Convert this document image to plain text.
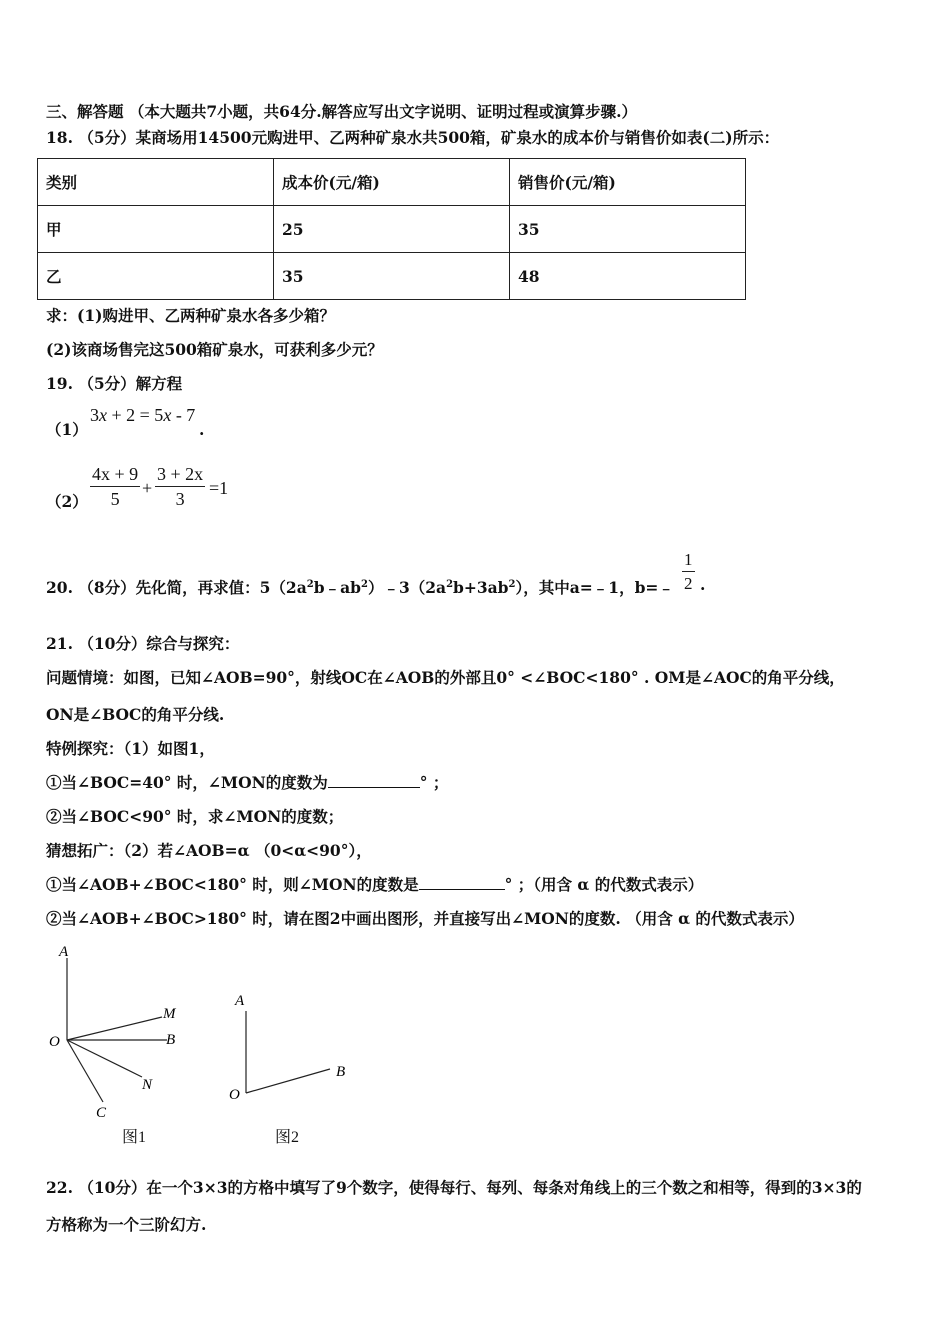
三、解答题 （本大题共7小题，共64分.解答应写出文字说明、证明过程或演算步骤.）
18. （5分）某商场用14500元购进甲、乙两种矿泉水共500箱，矿泉水的成本价与销售价如表(二)所示：
类别	成本价(元/箱)	销售价(元/箱)
甲	25	35
乙	35	48
求：(1)购进甲、乙两种矿泉水各多少箱？
(2)该商场售完这500箱矿泉水，可获利多少元？
19. （5分）解方程
（1）
3x + 2 = 5x - 7
.
$(2) \frac{4x + 9}{5} + \frac{3 + 2x}{3} =1$
20. （8分）先化简，再求值：$5(2a^2b﹣ab^2)﹣3(2a^2b+3ab^2)$，其中a=﹣1，b=﹣ $\frac{1}{2}$ .
21. （10分）综合与探究：
问题情境：如图，已知∠AOB=90°，射线OC在∠AOB的外部且0° <∠BOC<180° . OM是∠AOC的角平分线，
ON是∠BOC的角平分线.
特例探究：（1）如图1，
①当∠BOC=40° 时，∠MON的度数为	° ；
②当∠BOC<90° 时，求∠MON的度数；
猜想拓广：（2）若∠AOB=α （0<α<90°），
①当∠AOB+∠BOC<180° 时，则∠MON的度数是	° ；（用含 α 的代数式表示）
②当∠AOB+∠BOC>180° 时，请在图2中画出图形，并直接写出∠MON的度数. （用含 α 的代数式表示）
A
M
O	B
N
C
图1
A
O
B
图2
22. （10分）在一个3×3的方格中填写了9个数字，使得每行、每列、每条对角线上的三个数之和相等，得到的3×3的
方格称为一个三阶幻方.
